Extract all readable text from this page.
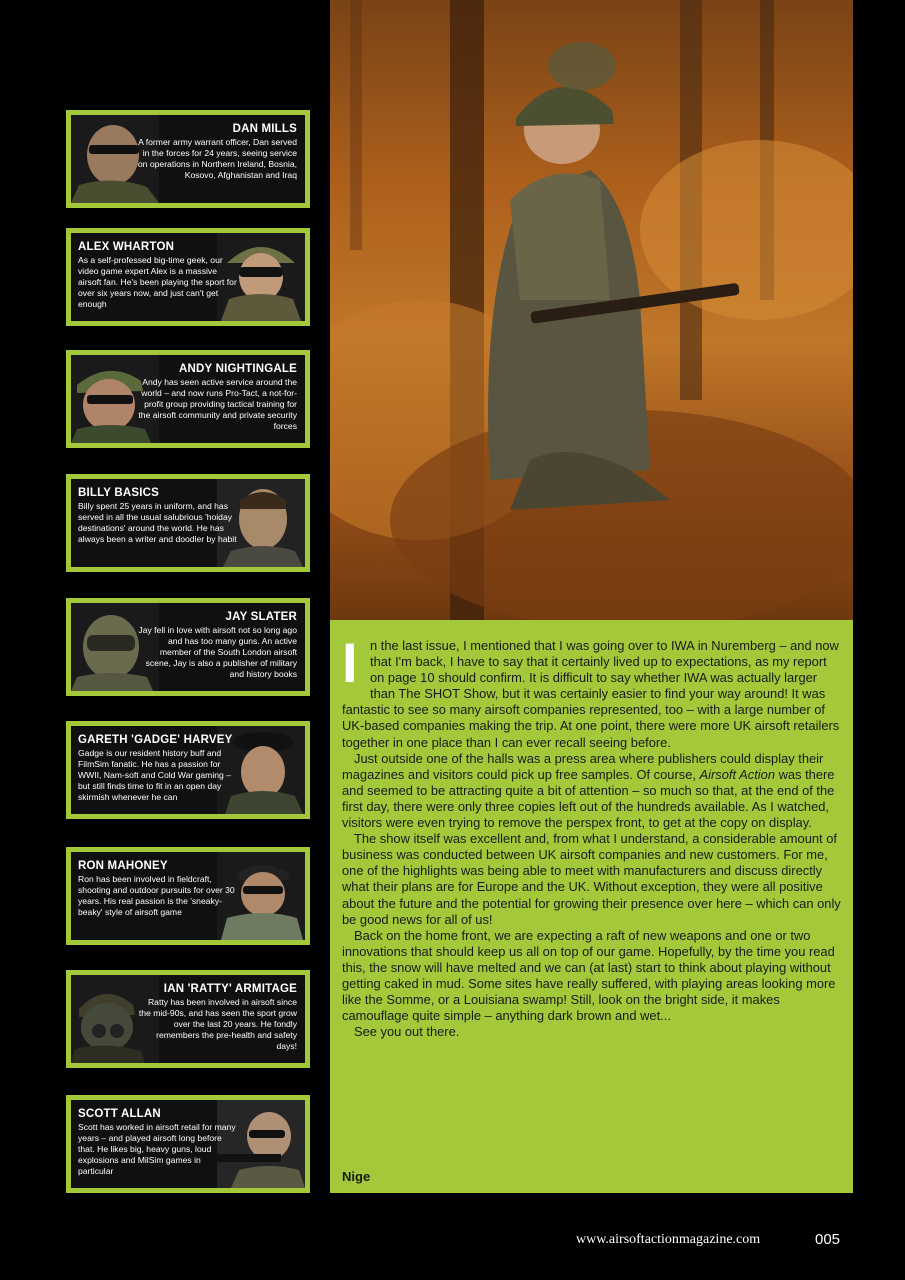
DAN MILLS
A former army warrant officer, Dan served in the forces for 24 years, seeing service on operations in Northern Ireland, Bosnia, Kosovo, Afghanistan and Iraq
ALEX WHARTON
As a self-professed big-time geek, our video game expert Alex is a massive airsoft fan. He's been playing the sport for over six years now, and just can't get enough
ANDY NIGHTINGALE
Andy has seen active service around the world – and now runs Pro-Tact, a not-for-profit group providing tactical training for the airsoft community and private security forces
BILLY BASICS
Billy spent 25 years in uniform, and has served in all the usual salubrious 'hoiday destinations' around the world. He has always been a writer and doodler by habit
JAY SLATER
Jay fell in love with airsoft not so long ago and has too many guns. An active member of the South London airsoft scene, Jay is also a publisher of military and history books
GARETH 'GADGE' HARVEY
Gadge is our resident history buff and FilmSim fanatic. He has a passion for WWII, Nam-soft and Cold War gaming – but still finds time to fit in an open day skirmish whenever he can
RON MAHONEY
Ron has been involved in fieldcraft, shooting and outdoor pursuits for over 30 years. His real passion is the 'sneaky-beaky' style of airsoft game
IAN 'RATTY' ARMITAGE
Ratty has been involved in airsoft since the mid-90s, and has seen the sport grow over the last 20 years. He fondly remembers the pre-health and safety days!
SCOTT ALLAN
Scott has worked in airsoft retail for many years – and played airsoft long before that. He likes big, heavy guns, loud explosions and MilSim games in particular

In the last issue, I mentioned that I was going over to IWA in Nuremberg – and now that I'm back, I have to say that it certainly lived up to expectations, as my report on page 10 should confirm. It is difficult to say whether IWA was actually larger than The SHOT Show, but it was certainly easier to find your way around! It was fantastic to see so many airsoft companies represented, too – with a large number of UK-based companies making the trip. At one point, there were more UK airsoft retailers together in one place than I can ever recall seeing before.

Just outside one of the halls was a press area where publishers could display their magazines and visitors could pick up free samples. Of course, Airsoft Action was there and seemed to be attracting quite a bit of attention – so much so that, at the end of the first day, there were only three copies left out of the hundreds available. As I watched, visitors were even trying to remove the perspex front, to get at the copy on display.

The show itself was excellent and, from what I understand, a considerable amount of business was conducted between UK airsoft companies and new customers. For me, one of the highlights was being able to meet with manufacturers and discuss directly what their plans are for Europe and the UK. Without exception, they were all positive about the future and the potential for growing their presence over here – which can only be good news for all of us!

Back on the home front, we are expecting a raft of new weapons and one or two innovations that should keep us all on top of our game. Hopefully, by the time you read this, the snow will have melted and we can (at last) start to think about playing without getting caked in mud. Some sites have really suffered, with playing areas looking more like the Somme, or a Louisiana swamp! Still, look on the bright side, it makes camouflage quite simple – anything dark brown and wet...

See you out there.

Nige
www.airsoftactionmagazine.com	005
